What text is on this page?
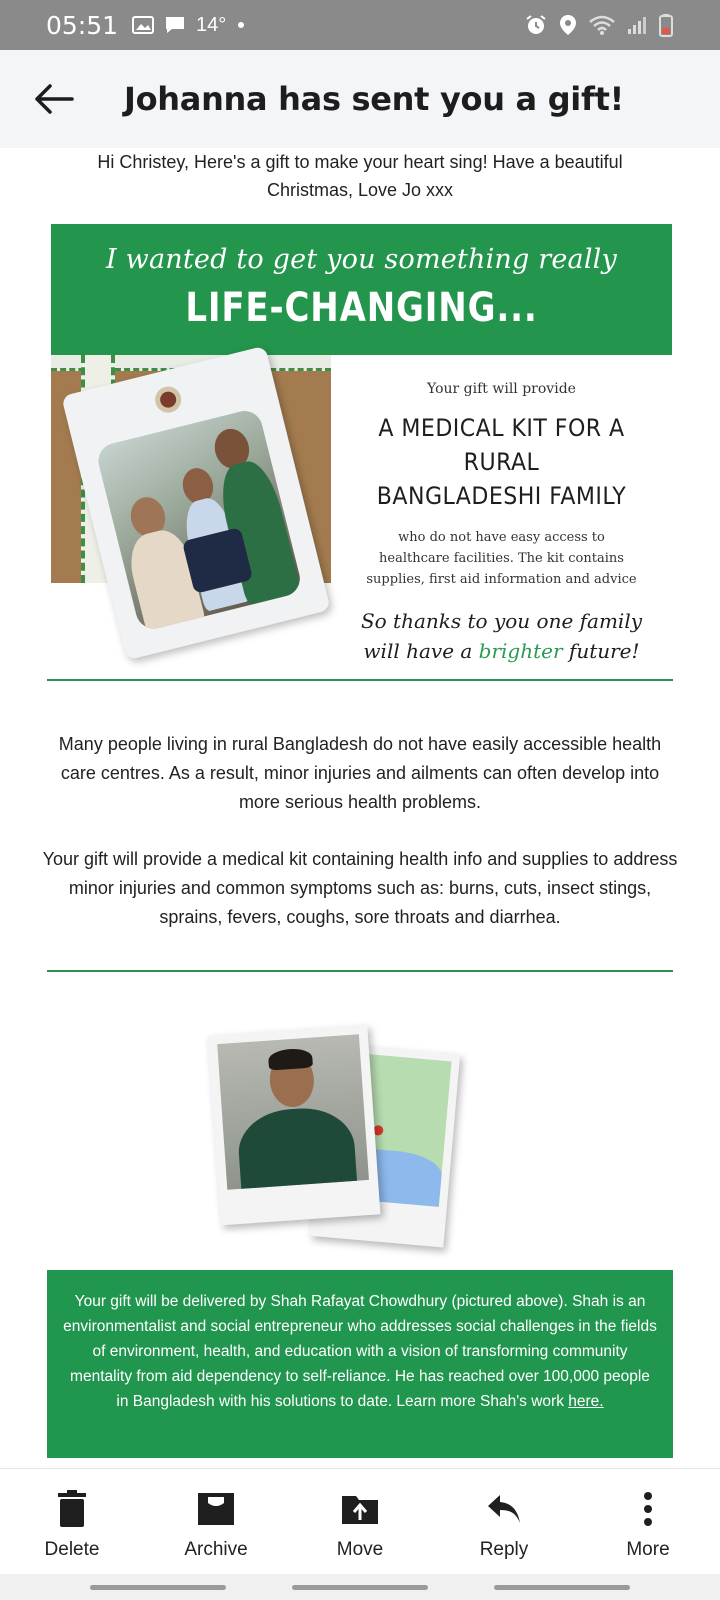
05:51	14°
Johanna has sent you a gift!

Hi Christey, Here's a gift to make your heart sing! Have a beautiful Christmas, Love Jo xxx

I wanted to get you something really
LIFE-CHANGING...
Your gift will provide
A MEDICAL KIT FOR A RURAL
BANGLADESHI FAMILY
who do not have easy access to
healthcare facilities. The kit contains
supplies, first aid information and advice
So thanks to you one family
will have a brighter future!

Many people living in rural Bangladesh do not have easily accessible health care centres. As a result, minor injuries and ailments can often develop into more serious health problems.

Your gift will provide a medical kit containing health info and supplies to address minor injuries and common symptoms such as: burns, cuts, insect stings, sprains, fevers, coughs, sore throats and diarrhea.

Your gift will be delivered by Shah Rafayat Chowdhury (pictured above). Shah is an environmentalist and social entrepreneur who addresses social challenges in the fields of environment, health, and education with a vision of transforming community mentality from aid dependency to self-reliance. He has reached over 100,000 people in Bangladesh with his solutions to date. Learn more Shah's work here.
Delete	Archive	Move	Reply	More
